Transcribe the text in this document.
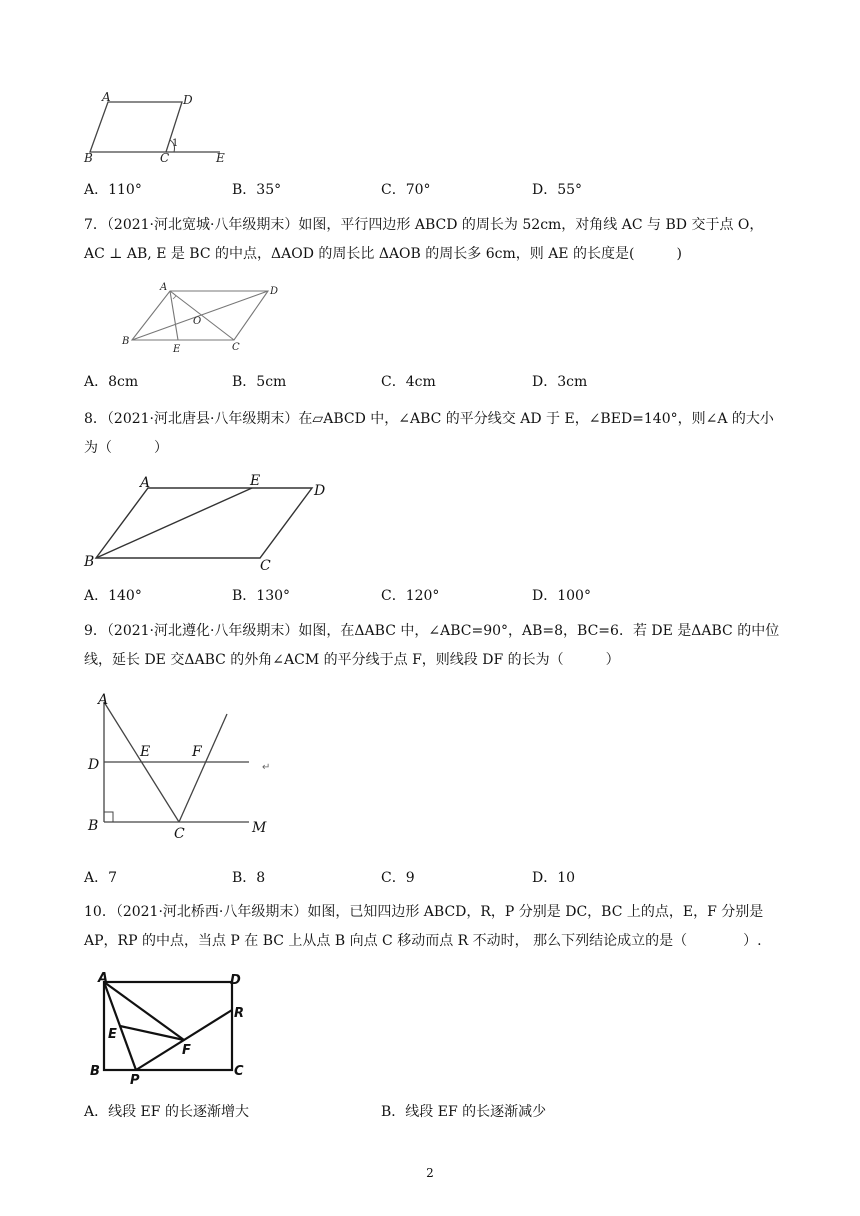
A	D
B	C
1
E
A．110°	B．35°	C．70°	D．55°
7．（2021·河北宽城·八年级期末）如图，平行四边形 ABCD 的周长为 52cm，对角线 AC 与 BD 交于点 O，AC ⊥ AB, E 是 BC 的中点，ΔAOD 的周长比 ΔAOB 的周长多 6cm，则 AE 的长度是(　　　)
A	D
O
B
E	C
A．8cm	B．5cm	C．4cm	D．3cm
8．（2021·河北唐县·八年级期末）在▱ABCD 中，∠ABC 的平分线交 AD 于 E，∠BED=140°，则∠A 的大小为（　　　）
A	E
D
B	C
A．140°	B．130°	C．120°	D．100°
9．（2021·河北遵化·八年级期末）如图，在ΔABC 中，∠ABC=90°，AB=8，BC=6．若 DE 是ΔABC 的中位线，延长 DE 交ΔABC 的外角∠ACM 的平分线于点 F，则线段 DF 的长为（　　　）
A
D
E	F
B	C	M
↵
A．7	B．8	C．9	D．10
10．（2021·河北桥西·八年级期末）如图，已知四边形 ABCD，R，P 分别是 DC，BC 上的点，E，F 分别是 AP，RP 的中点，当点 P 在 BC 上从点 B 向点 C 移动而点 R 不动时， 那么下列结论成立的是（　　　　）.
A	D
R
E
F
B
P
C
A．线段 EF 的长逐渐增大	B．线段 EF 的长逐渐减少
2
